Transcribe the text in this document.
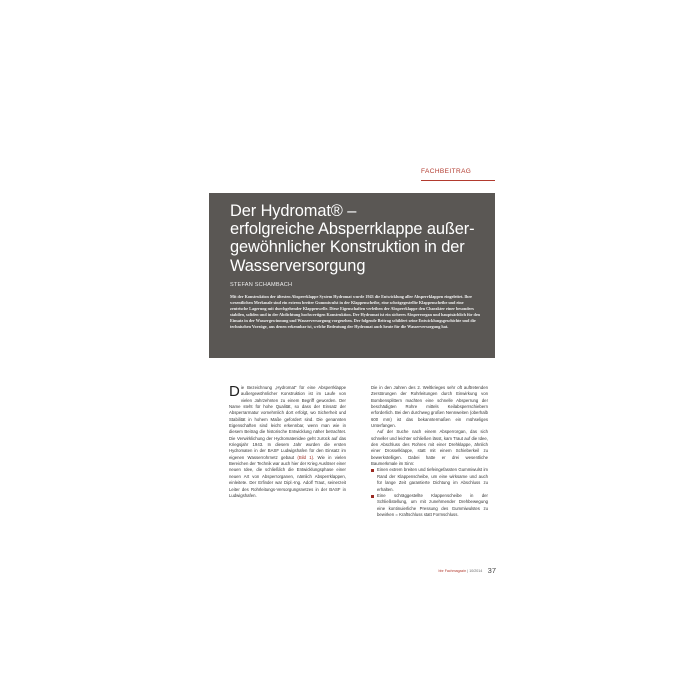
FACHBEITRAG
Der Hydromat® –
erfolgreiche Absperrklappe außer-
gewöhnlicher Konstruktion in der
Wasserversorgung
STEFAN SCHAMBACH
Mit der Konstruktion der ältesten Absperrklappe System Hydromat wurde 1943 die Entwicklung aller Absperrklappen eingeleitet. Ihre wesentlichen Merkmale sind ein extrem breiter Gummiwulst in der Klappenscheibe, eine schrägegestellte Klappenscheibe und eine zentrische Lagerung mit durchgehender Klappenwelle. Diese Eigenschaften verleihen der Absperrklappe den Charakter einer besonders stabilen, soliden und in der Abdichtung hochwertigen Konstruktion. Der Hydromat ist ein sicheres Absperrorgan und hauptsächlich für den Einsatz in der Wassergewinnung und Wasserversorgung vorgesehen. Der folgende Beitrag schildert seine Entwicklungsgeschichte und die technischen Vorzüge, aus denen erkennbar ist, welche Bedeutung der Hydromat auch heute für die Wasserversorgung hat.

Die Bezeichnung „Hydromat“ für eine Absperrklappe außergewöhnlicher Konstruktion ist im Laufe von vielen Jahrzehnten zu einem Begriff geworden. Der Name steht für hohe Qualität, so dass der Einsatz der Absperrarmatur vornehmlich dort erfolgt, wo Sicherheit und Stabilität in hohem Maße gefordert sind. Die genannten Eigenschaften sind leicht erkennbar, wenn man wie in diesem Beitrag die historische Entwicklung näher betrachtet. Die Verwirklichung der Hydromatenidee geht zurück auf das Kriegsjahr 1943. In diesem Jahr wurden die ersten Hydromaten in der BASF Ludwigshafen für den Einsatz im eigenen Wasserrohrnetz gebaut (Bild 1). Wie in vielen Bereichen der Technik war auch hier der Krieg Auslöser einer neuen Idee, die schließlich die Entwicklungsphase einer neuen Art von Absperrorganen, nämlich Absperrklappen, einleitete. Der Erfinder war Dipl.-Ing. Adolf Traut, seinerzeit Leiter des Rohrleitungs-Versorgungsnetzes in der BASF in Ludwigshafen.

Die in den Jahren des 2. Weltkrieges sehr oft auftretenden Zerstörungen der Rohrleitungen durch Einwirkung von Bombensplittern machten eine schnelle Absperrung der beschädigten Rohre mittels Keilabsperrschiebern erforderlich. Bei den durchweg großen Nennweiten (oberhalb 600 mm) ist das bekanntermaßen ein mühseliges Unterfangen.

Auf der Suche nach einem Absperrorgan, das sich schneller und leichter schließen lässt, kam Traut auf die Idee, den Abschluss des Rohres mit einer Drehklappe, ähnlich einer Drosselklappe, statt mit einem Schieberkeil zu bewerkstelligen. Dabei hatte er drei wesentliche Baumerkmale im Sinn:

Einen extrem breiten und tiefeingefassten Gummiwulst im Rand der Klappenscheibe, um eine wirksame und auch für lange Zeit garantierte Dichtung im Abschluss zu erhalten.
Eine schräggestellte Klappenscheibe in der Schließstellung, um mit zunehmender Drehbewegung eine kontinuierliche Pressung des Gummiwulstes zu bewirken = Kraftschluss statt Formschluss.
bbr Fachmagazin | 10/2014 37
